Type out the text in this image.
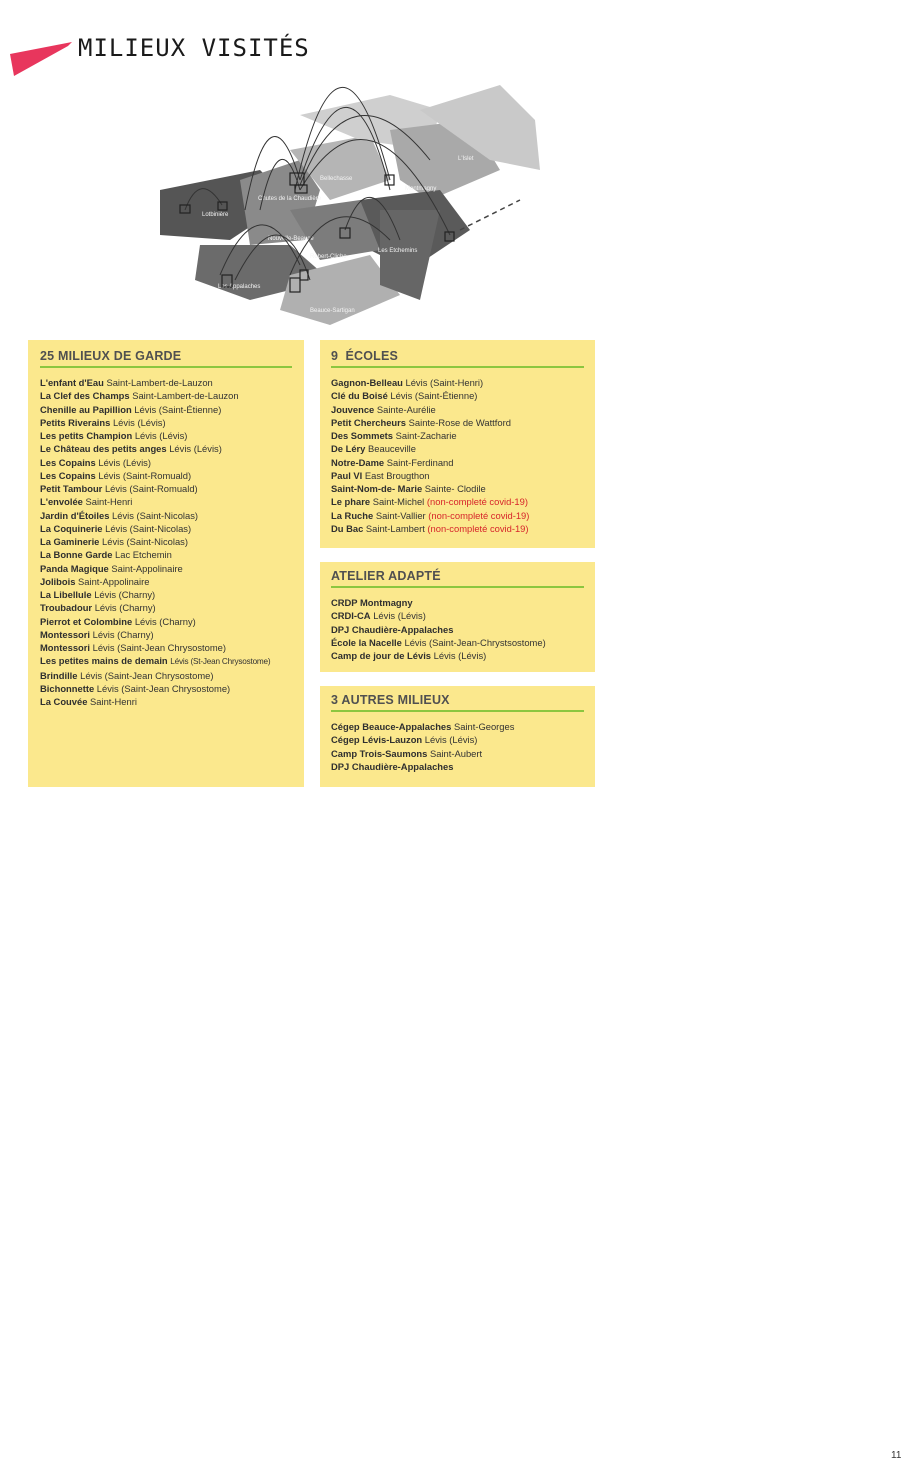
MILIEUX VISITÉS
Lotbinière
Chutes de la Chaudière
Bellechasse
L'Islet
Montmagny
Les Etchemins
Robert-Cliche
Nouvelle-Beauce
Les Appalaches
Beauce-Sartigan
25 MILIEUX DE GARDE
L'enfant d'Eau Saint-Lambert-de-Lauzon
La Clef des Champs Saint-Lambert-de-Lauzon
Chenille au Papillion Lévis (Saint-Étienne)
Petits Riverains Lévis (Lévis)
Les petits Champion Lévis (Lévis)
Le Château des petits anges Lévis (Lévis)
Les Copains Lévis (Lévis)
Les Copains Lévis (Saint-Romuald)
Petit Tambour Lévis (Saint-Romuald)
L'envolée Saint-Henri
Jardin d'Étoiles Lévis (Saint-Nicolas)
La Coquinerie Lévis (Saint-Nicolas)
La Gaminerie Lévis (Saint-Nicolas)
La Bonne Garde Lac Etchemin
Panda Magique Saint-Appolinaire
Jolibois Saint-Appolinaire
La Libellule Lévis (Charny)
Troubadour Lévis (Charny)
Pierrot et Colombine Lévis (Charny)
Montessori Lévis (Charny)
Montessori Lévis (Saint-Jean Chrysostome)
Les petites mains de demain Lévis (St-Jean Chrysostome)
Brindille Lévis (Saint-Jean Chrysostome)
Bichonnette Lévis (Saint-Jean Chrysostome)
La Couvée Saint-Henri
9  ÉCOLES
Gagnon-Belleau Lévis (Saint-Henri)
Clé du Boisé Lévis (Saint-Étienne)
Jouvence Sainte-Aurélie
Petit Chercheurs Sainte-Rose de Wattford
Des Sommets Saint-Zacharie
De Léry Beauceville
Notre-Dame Saint-Ferdinand
Paul VI East Brougthon
Saint-Nom-de- Marie Sainte- Clodile
Le phare Saint-Michel (non-completé covid-19)
La Ruche Saint-Vallier (non-completé covid-19)
Du Bac Saint-Lambert (non-completé covid-19)
ATELIER ADAPTÉ
CRDP Montmagny
CRDI-CA Lévis (Lévis)
DPJ Chaudière-Appalaches
École la Nacelle Lévis (Saint-Jean-Chrystsostome)
Camp de jour de Lévis Lévis (Lévis)
3 AUTRES MILIEUX
Cégep Beauce-Appalaches Saint-Georges
Cégep Lévis-Lauzon Lévis (Lévis)
Camp Trois-Saumons Saint-Aubert
DPJ Chaudière-Appalaches
11
